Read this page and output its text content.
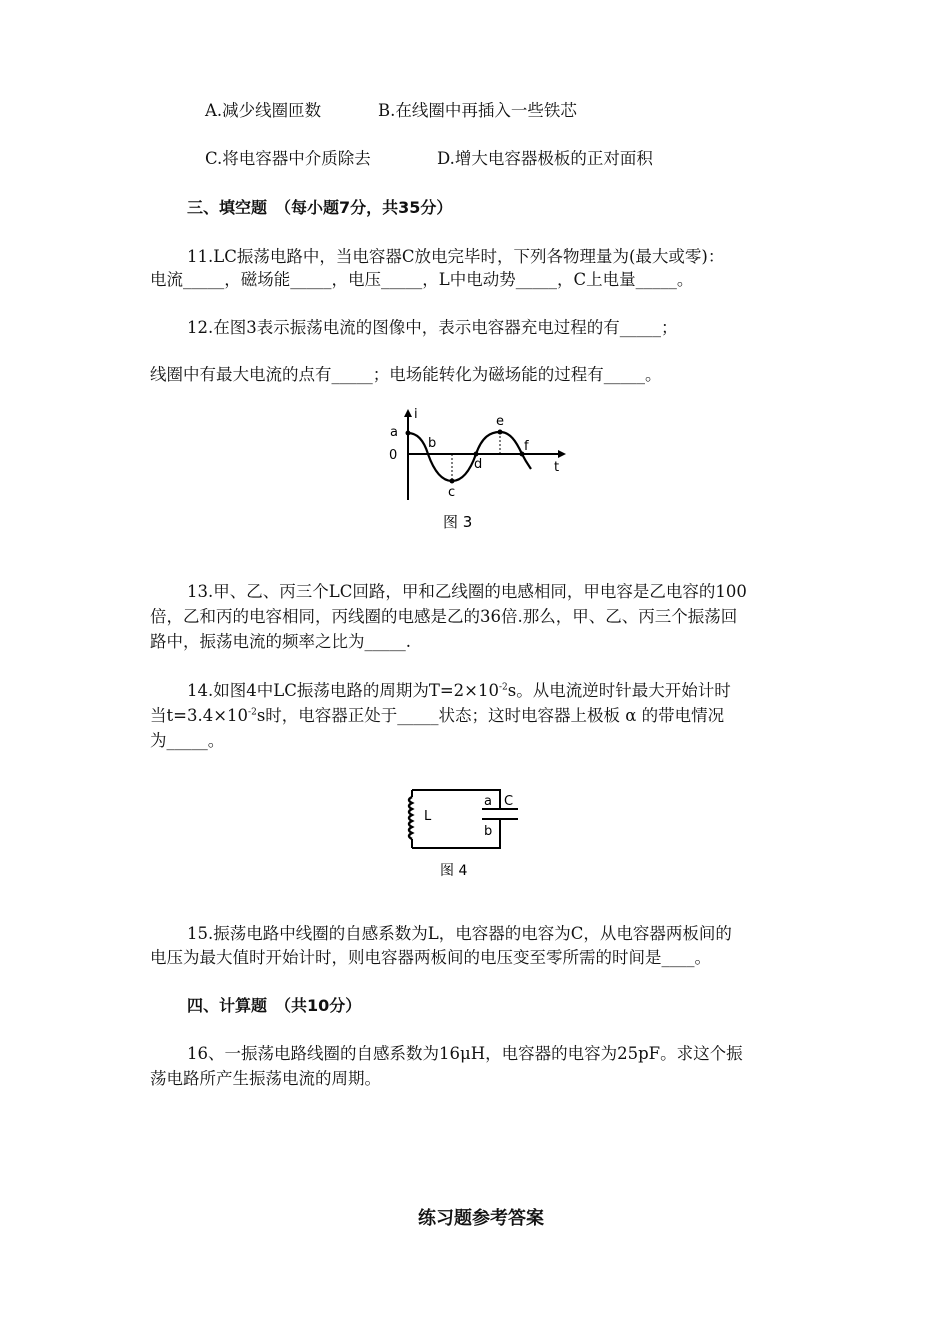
A.减少线圈匝数	B.在线圈中再插入一些铁芯
C.将电容器中介质除去	D.增大电容器极板的正对面积
三、填空题　（每小题7分，共35分）
11.LC振荡电路中，当电容器C放电完毕时，下列各物理量为(最大或零)：
电流_____，磁场能_____，电压_____，L中电动势_____，C上电量_____。
12.在图3表示振荡电流的图像中，表示电容器充电过程的有_____；
线圈中有最大电流的点有_____；电场能转化为磁场能的过程有_____。
i
t
0
a
b
c
d
e
f
图 3
13.甲、乙、丙三个LC回路，甲和乙线圈的电感相同，甲电容是乙电容的100
倍，乙和丙的电容相同，丙线圈的电感是乙的36倍.那么，甲、乙、丙三个振荡回
路中，振荡电流的频率之比为_____.
14.如图4中LC振荡电路的周期为$T=2\times 10^{-2}s$。从电流逆时针最大开始计时
当$t=3.4\times 10^{-2}s$时，电容器正处于_____状态；这时电容器上极板 α 的带电情况
为_____。
L
C
a
b
图 4
15.振荡电路中线圈的自感系数为L，电容器的电容为C，从电容器两板间的
电压为最大值时开始计时，则电容器两板间的电压变至零所需的时间是____。
四、计算题　（共10分）
16、一振荡电路线圈的自感系数为16μH，电容器的电容为25pF。求这个振
荡电路所产生振荡电流的周期。
练习题参考答案
